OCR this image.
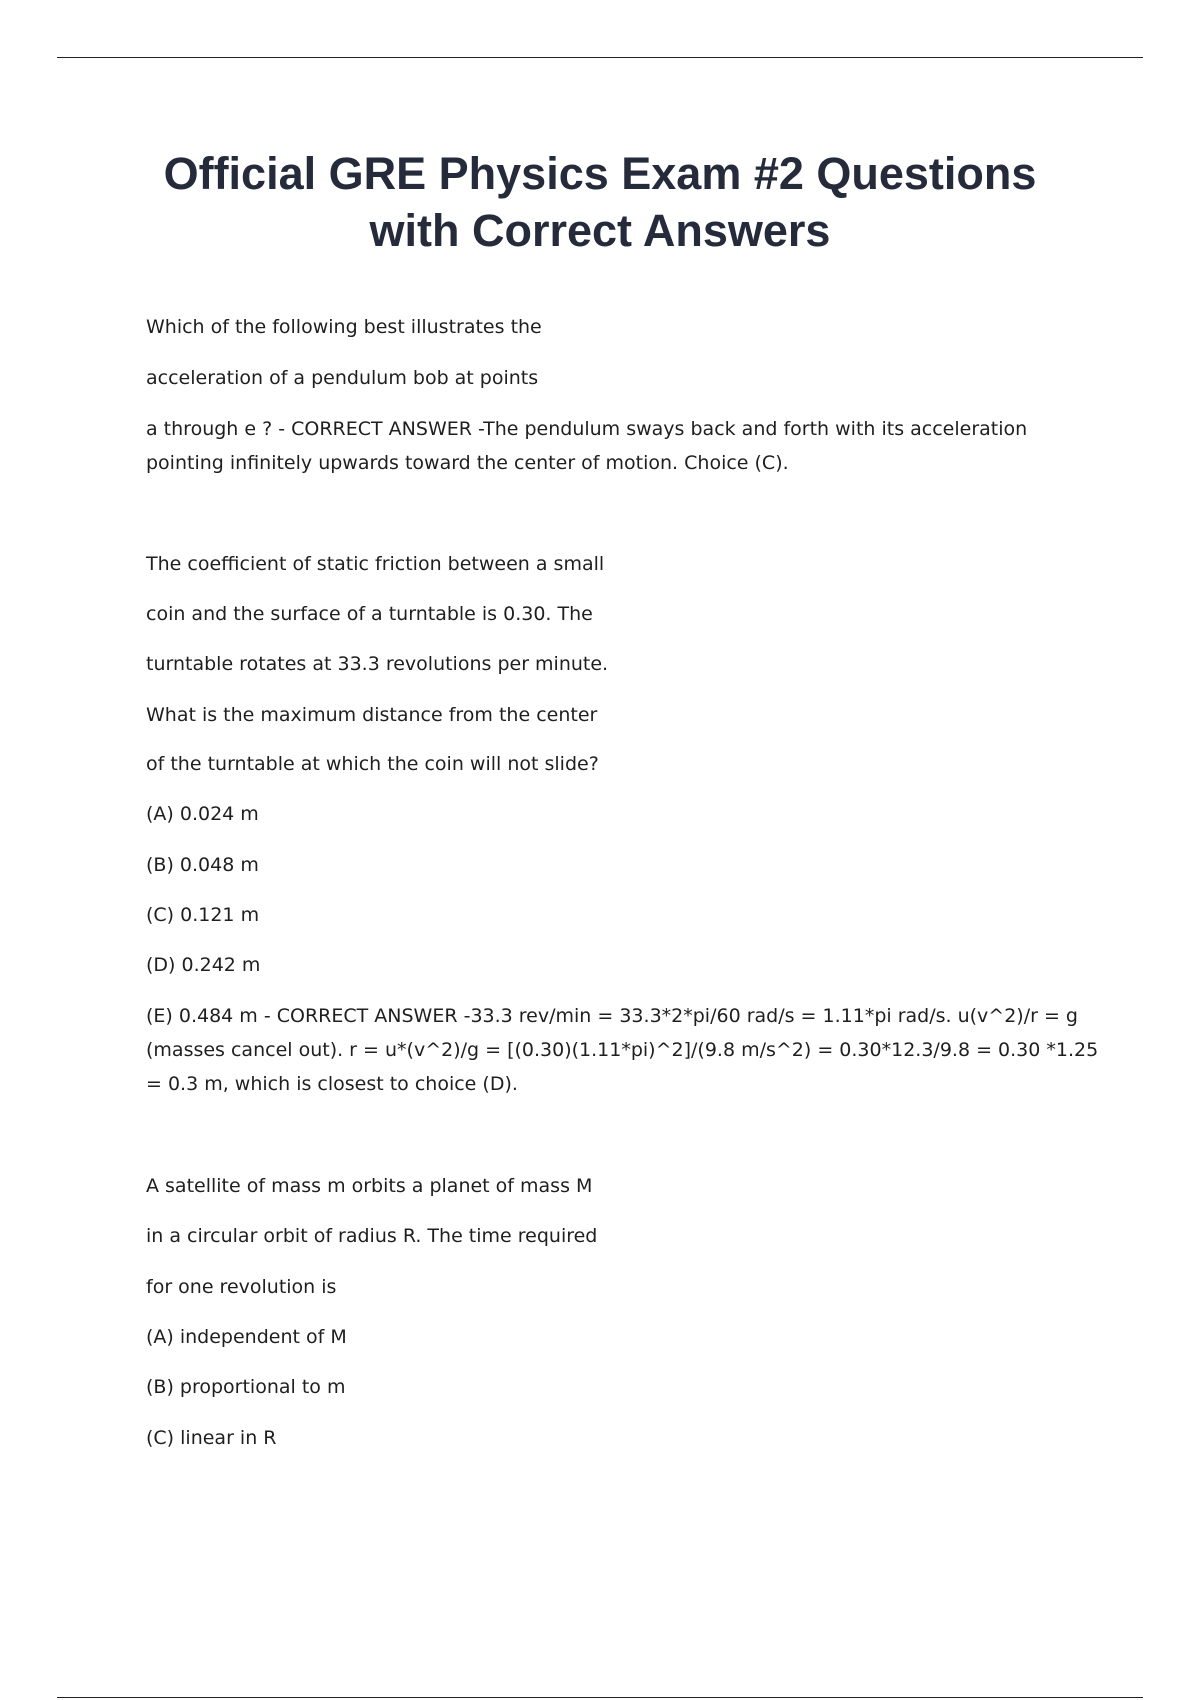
Official GRE Physics Exam #2 Questions
with Correct Answers
Which of the following best illustrates the
acceleration of a pendulum bob at points
a through e ? - CORRECT ANSWER -The pendulum sways back and forth with its acceleration pointing infinitely upwards toward the center of motion. Choice (C).
The coefficient of static friction between a small
coin and the surface of a turntable is 0.30. The
turntable rotates at 33.3 revolutions per minute.
What is the maximum distance from the center
of the turntable at which the coin will not slide?
(A) 0.024 m
(B) 0.048 m
(C) 0.121 m
(D) 0.242 m
(E) 0.484 m - CORRECT ANSWER -33.3 rev/min = 33.3*2*pi/60 rad/s = 1.11*pi rad/s. u(v^2)/r = g (masses cancel out). r = u*(v^2)/g = [(0.30)(1.11*pi)^2]/(9.8 m/s^2) = 0.30*12.3/9.8 = 0.30 *1.25 = 0.3 m, which is closest to choice (D).
A satellite of mass m orbits a planet of mass M
in a circular orbit of radius R. The time required
for one revolution is
(A) independent of M
(B) proportional to m
(C) linear in R
